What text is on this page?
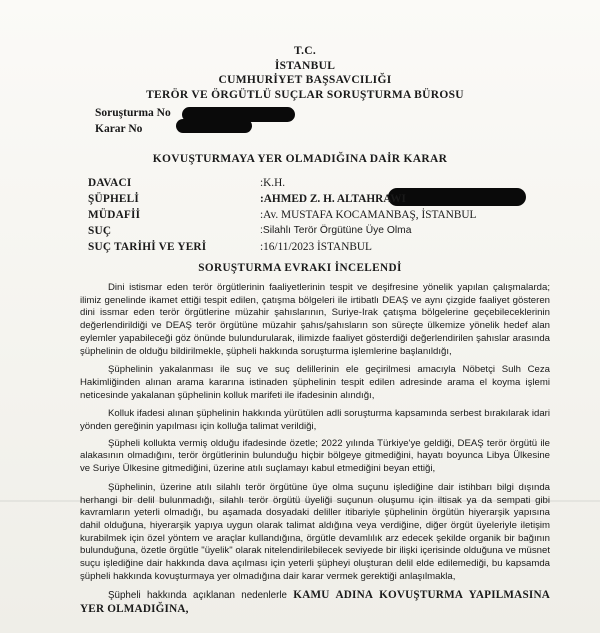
T.C.
İSTANBUL
CUMHURİYET BAŞSAVCILIĞI
TERÖR VE ÖRGÜTLÜ SUÇLAR SORUŞTURMA BÜROSU
Soruşturma No
Karar No
KOVUŞTURMAYA YER OLMADIĞINA DAİR KARAR
DAVACI	:K.H.
ŞÜPHELİ	:AHMED Z. H. ALTAHRAWI
MÜDAFİİ	:Av. MUSTAFA KOCAMANBAŞ, İSTANBUL
SUÇ	:Silahlı Terör Örgütüne Üye Olma
SUÇ TARİHİ VE YERİ	:16/11/2023 İSTANBUL
SORUŞTURMA EVRAKI İNCELENDİ

Dini istismar eden terör örgütlerinin faaliyetlerinin tespit ve deşifresine yönelik yapılan çalışmalarda; ilimiz genelinde ikamet ettiği tespit edilen, çatışma bölgeleri ile irtibatlı DEAŞ ve aynı çizgide faaliyet gösteren dini issmar eden terör örgütlerine müzahir şahıslarının, Suriye-Irak çatışma bölgelerine geçebileceklerinin değerlendirildiği ve DEAŞ terör örgütüne müzahir şahıs/şahısların son süreçte ülkemize yönelik hedef alan eylemler yapabileceği göz önünde bulundurularak, ilimizde faaliyet gösterdiği değerlendirilen şahıslar arasında şüphelinin de olduğu bildirilmekle, şüpheli hakkında soruşturma işlemlerine başlanıldığı,

Şüphelinin yakalanması ile suç ve suç delillerinin ele geçirilmesi amacıyla Nöbetçi Sulh Ceza Hakimliğinden alınan arama kararına istinaden şüphelinin tespit edilen adresinde arama el koyma işlemi neticesinde yakalanan şüphelinin kolluk marifeti ile ifadesinin alındığı,

Kolluk ifadesi alınan şüphelinin hakkında yürütülen adli soruşturma kapsamında serbest bırakılarak idari yönden gereğinin yapılması için kolluğa talimat verildiği,

Şüpheli kollukta vermiş olduğu ifadesinde özetle; 2022 yılında Türkiye'ye geldiği, DEAŞ terör örgütü ile alakasının olmadığını, terör örgütlerinin bulunduğu hiçbir bölgeye gitmediğini, hayatı boyunca Libya Ülkesine ve Suriye Ülkesine gitmediğini, üzerine atılı suçlamayı kabul etmediğini beyan ettiği,

Şüphelinin, üzerine atılı silahlı terör örgütüne üye olma suçunu işlediğine dair istihbarı bilgi dışında herhangi bir delil bulunmadığı, silahlı terör örgütü üyeliği suçunun oluşumu için iltisak ya da sempati gibi kavramların yeterli olmadığı, bu aşamada dosyadaki deliller itibariyle şüphelinin örgütün hiyerarşik yapısına dahil olduğuna, hiyerarşik yapıya uygun olarak talimat aldığına veya verdiğine, diğer örgüt üyeleriyle iletişim kurabilmek için özel yöntem ve araçlar kullandığına, örgütle devamlılık arz edecek şekilde organik bir bağının bulunduğuna, özetle örgütle "üyelik" olarak nitelendirilebilecek seviyede bir ilişki içerisinde olduğuna ve müsnet suçu işlediğine dair hakkında dava açılması için yeterli şüpheyi oluşturan delil elde edilemediği, bu kapsamda şüpheli hakkında kovuşturmaya yer olmadığına dair karar vermek gerektiği anlaşılmakla,

Şüpheli hakkında açıklanan nedenlerle KAMU ADINA KOVUŞTURMA YAPILMASINA YER OLMADIĞINA,
